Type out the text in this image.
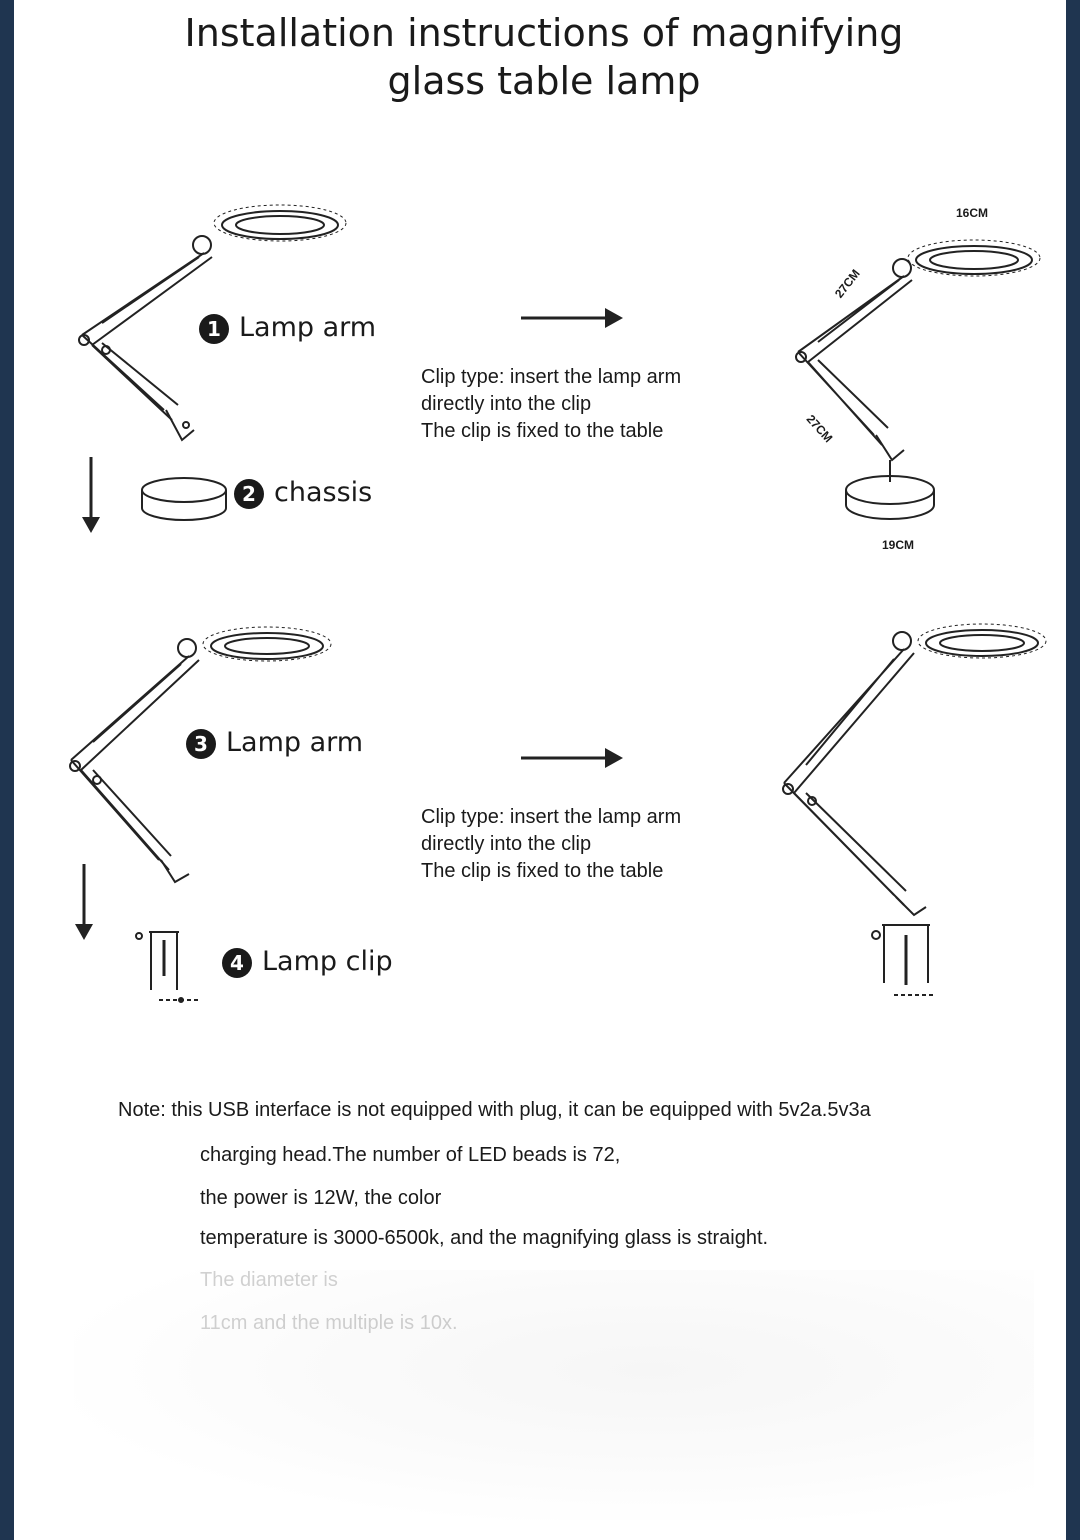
Installation instructions of magnifying
glass table lamp
1 Lamp arm
2 chassis
Clip type: insert the lamp arm
directly into the clip
The clip is fixed to the table
16CM
27CM
27CM
19CM
3 Lamp arm
4 Lamp clip
Clip type: insert the lamp arm
directly into the clip
The clip is fixed to the table
Note: this USB interface is not equipped with plug, it can be equipped with 5v2a.5v3a
charging head.The number of LED beads is 72,
the power is 12W, the color
temperature is 3000-6500k, and the magnifying glass is straight.
